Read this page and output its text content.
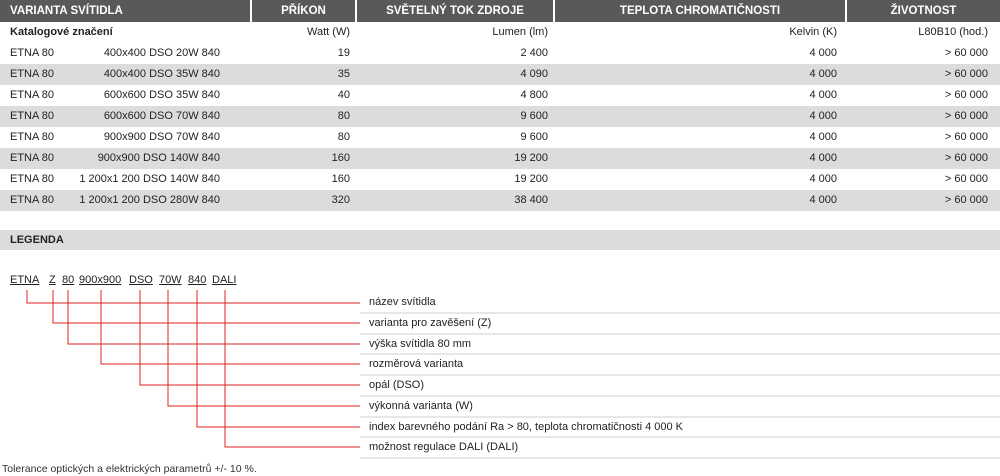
VARIANTA SVÍTIDLA	PŘÍKON	SVĚTELNÝ TOK ZDROJE	TEPLOTA CHROMATIČNOSTI	ŽIVOTNOST
Katalogové značení	Watt (W)	Lumen (lm)	Kelvin (K)	L80B10 (hod.)
ETNA 80	400x400 DSO 20W 840	19	2 400	4 000	> 60 000
ETNA 80	400x400 DSO 35W 840	35	4 090	4 000	> 60 000
ETNA 80	600x600 DSO 35W 840	40	4 800	4 000	> 60 000
ETNA 80	600x600 DSO 70W 840	80	9 600	4 000	> 60 000
ETNA 80	900x900 DSO 70W 840	80	9 600	4 000	> 60 000
ETNA 80	900x900 DSO 140W 840	160	19 200	4 000	> 60 000
ETNA 80	1 200x1 200 DSO 140W 840	160	19 200	4 000	> 60 000
ETNA 80	1 200x1 200 DSO 280W 840	320	38 400	4 000	> 60 000
LEGENDA
ETNA Z 80 900x900 DSO 70W 840 DALI
název svítidla
varianta pro zavěšení (Z)
výška svítidla 80 mm
rozměrová varianta
opál (DSO)
výkonná varianta (W)
index barevného podání Ra > 80, teplota chromatičnosti 4 000 K
možnost regulace DALI (DALI)
Tolerance optických a elektrických parametrů +/- 10 %.
